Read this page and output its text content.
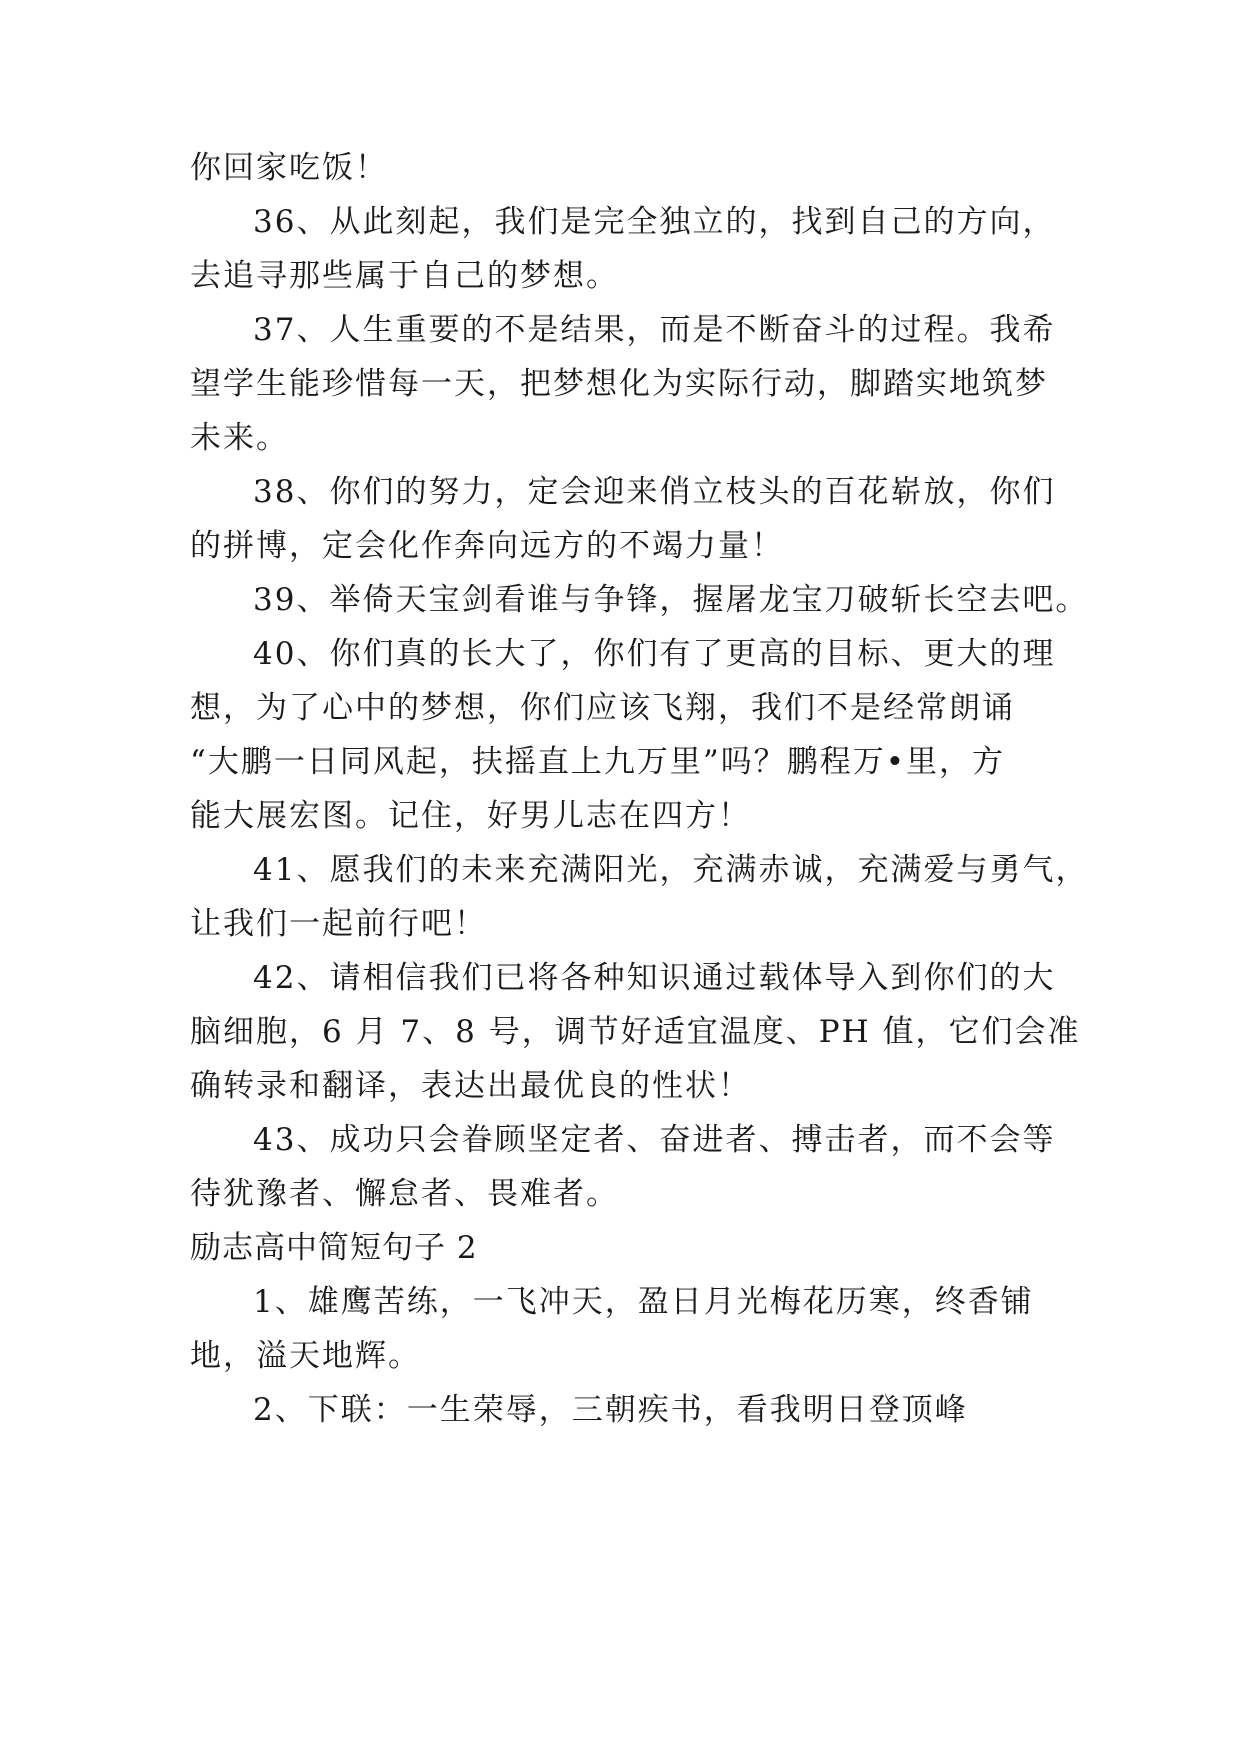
你回家吃饭！
36、从此刻起，我们是完全独立的，找到自己的方向，
去追寻那些属于自己的梦想。
37、人生重要的不是结果，而是不断奋斗的过程。我希
望学生能珍惜每一天，把梦想化为实际行动，脚踏实地筑梦
未来。
38、你们的努力，定会迎来俏立枝头的百花崭放，你们
的拼博，定会化作奔向远方的不竭力量！
39、举倚天宝剑看谁与争锋，握屠龙宝刀破斩长空去吧。
40、你们真的长大了，你们有了更高的目标、更大的理
想，为了心中的梦想，你们应该飞翔，我们不是经常朗诵
“大鹏一日同风起，扶摇直上九万里”吗？鹏程万•里，方
能大展宏图。记住，好男儿志在四方！
41、愿我们的未来充满阳光，充满赤诚，充满爱与勇气，
让我们一起前行吧！
42、请相信我们已将各种知识通过载体导入到你们的大
脑细胞，6 月 7、8 号，调节好适宜温度、PH 值，它们会准
确转录和翻译，表达出最优良的性状！
43、成功只会眷顾坚定者、奋进者、搏击者，而不会等
待犹豫者、懈怠者、畏难者。
励志高中简短句子 2
1、雄鹰苦练，一飞冲天，盈日月光梅花历寒，终香铺
地，溢天地辉。
2、下联：一生荣辱，三朝疾书，看我明日登顶峰
